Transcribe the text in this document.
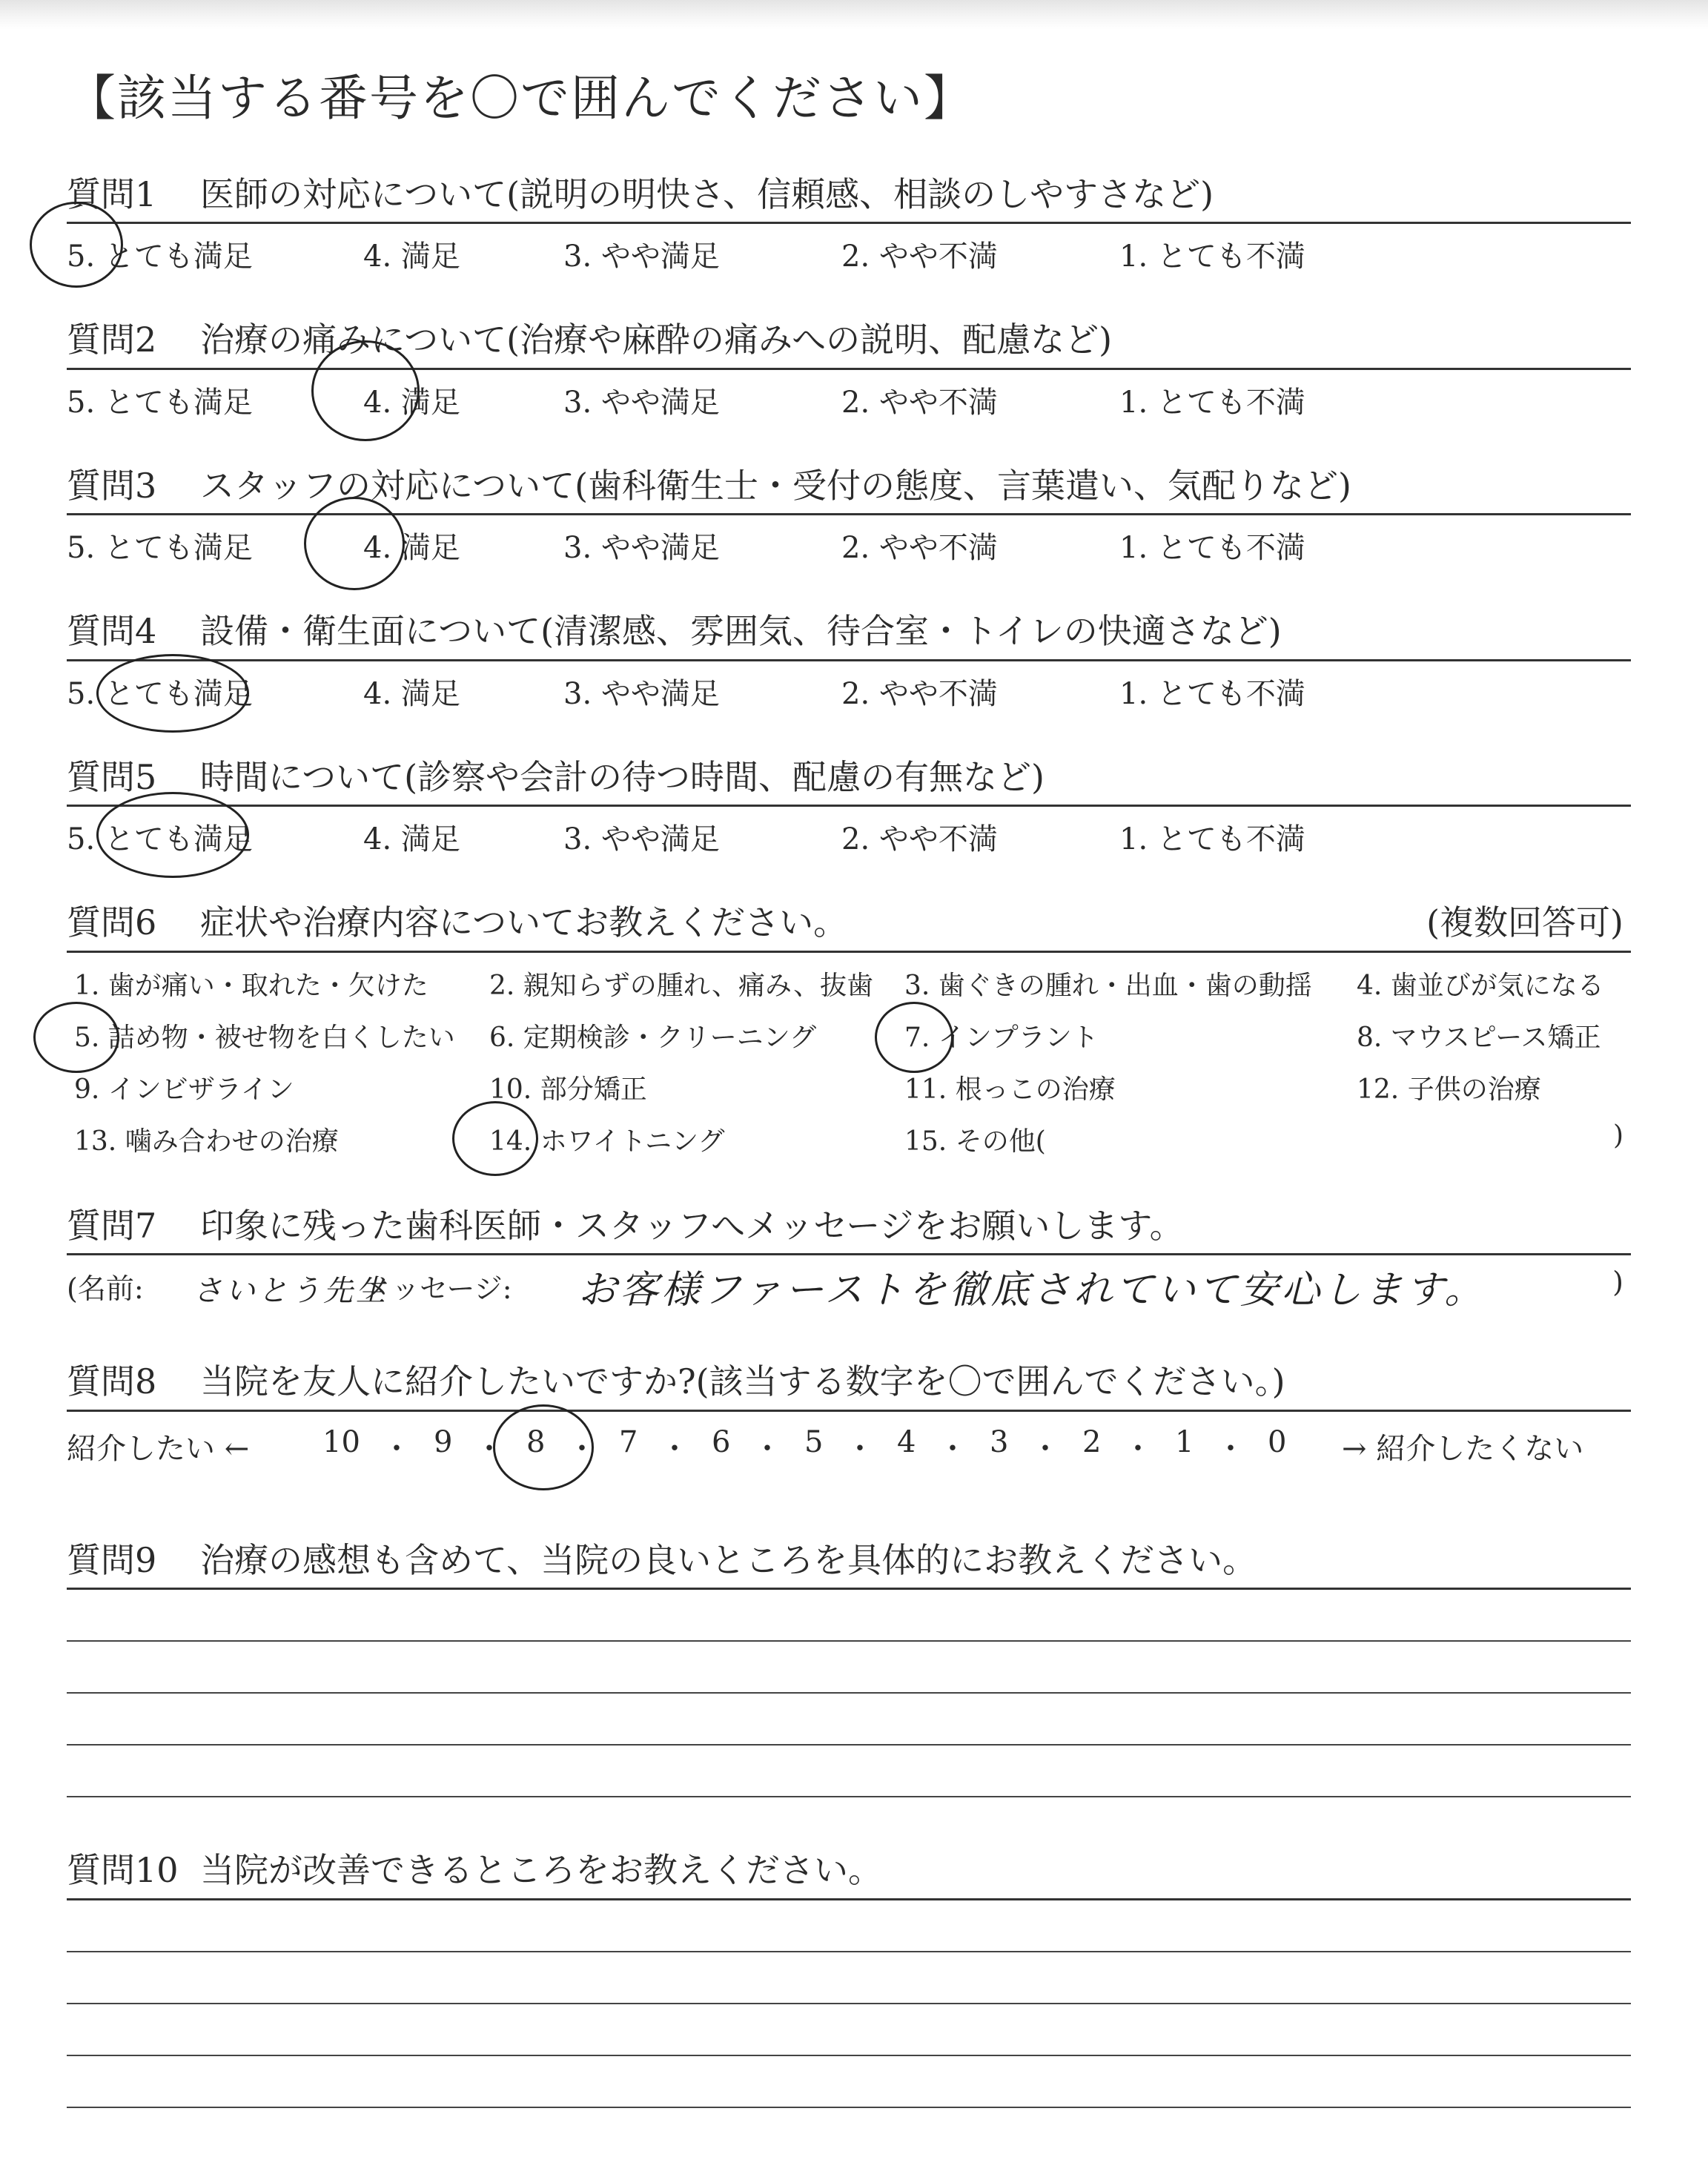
【該当する番号を〇で囲んでください】
質問1	医師の対応について(説明の明快さ、信頼感、相談のしやすさなど)
5. とても満足	4. 満足	3. やや満足	2. やや不満	1. とても不満
質問2	治療の痛みについて(治療や麻酔の痛みへの説明、配慮など)
5. とても満足	4. 満足	3. やや満足	2. やや不満	1. とても不満
質問3	スタッフの対応について(歯科衛生士・受付の態度、言葉遣い、気配りなど)
5. とても満足	4. 満足	3. やや満足	2. やや不満	1. とても不満
質問4	設備・衛生面について(清潔感、雰囲気、待合室・トイレの快適さなど)
5. とても満足	4. 満足	3. やや満足	2. やや不満	1. とても不満
質問5	時間について(診察や会計の待つ時間、配慮の有無など)
5. とても満足	4. 満足	3. やや満足	2. やや不満	1. とても不満
質問6	症状や治療内容についてお教えください。	(複数回答可)
1. 歯が痛い・取れた・欠けた 2. 親知らずの腫れ、痛み、抜歯 3. 歯ぐきの腫れ・出血・歯の動揺 4. 歯並びが気になる
5. 詰め物・被せ物を白くしたい 6. 定期検診・クリーニング	7. インプラント	8. マウスピース矯正
9. インビザライン	10. 部分矯正	11. 根っこの治療	12. 子供の治療
13. 噛み合わせの治療	14. ホワイトニング	15. その他(	)
質問7	印象に残った歯科医師・スタッフへメッセージをお願いします。
(名前: さいとう先生
メッセージ: お客様ファーストを徹底されていて安心します。	)
質問8	当院を友人に紹介したいですか?(該当する数字を〇で囲んでください。)
紹介したい ← 10 ・ 9 ・ 8 ・ 7 ・ 6 ・ 5 ・ 4 ・ 3 ・ 2 ・ 1 ・ 0 → 紹介したくない
質問9	治療の感想も含めて、当院の良いところを具体的にお教えください。
質問10 当院が改善できるところをお教えください。
